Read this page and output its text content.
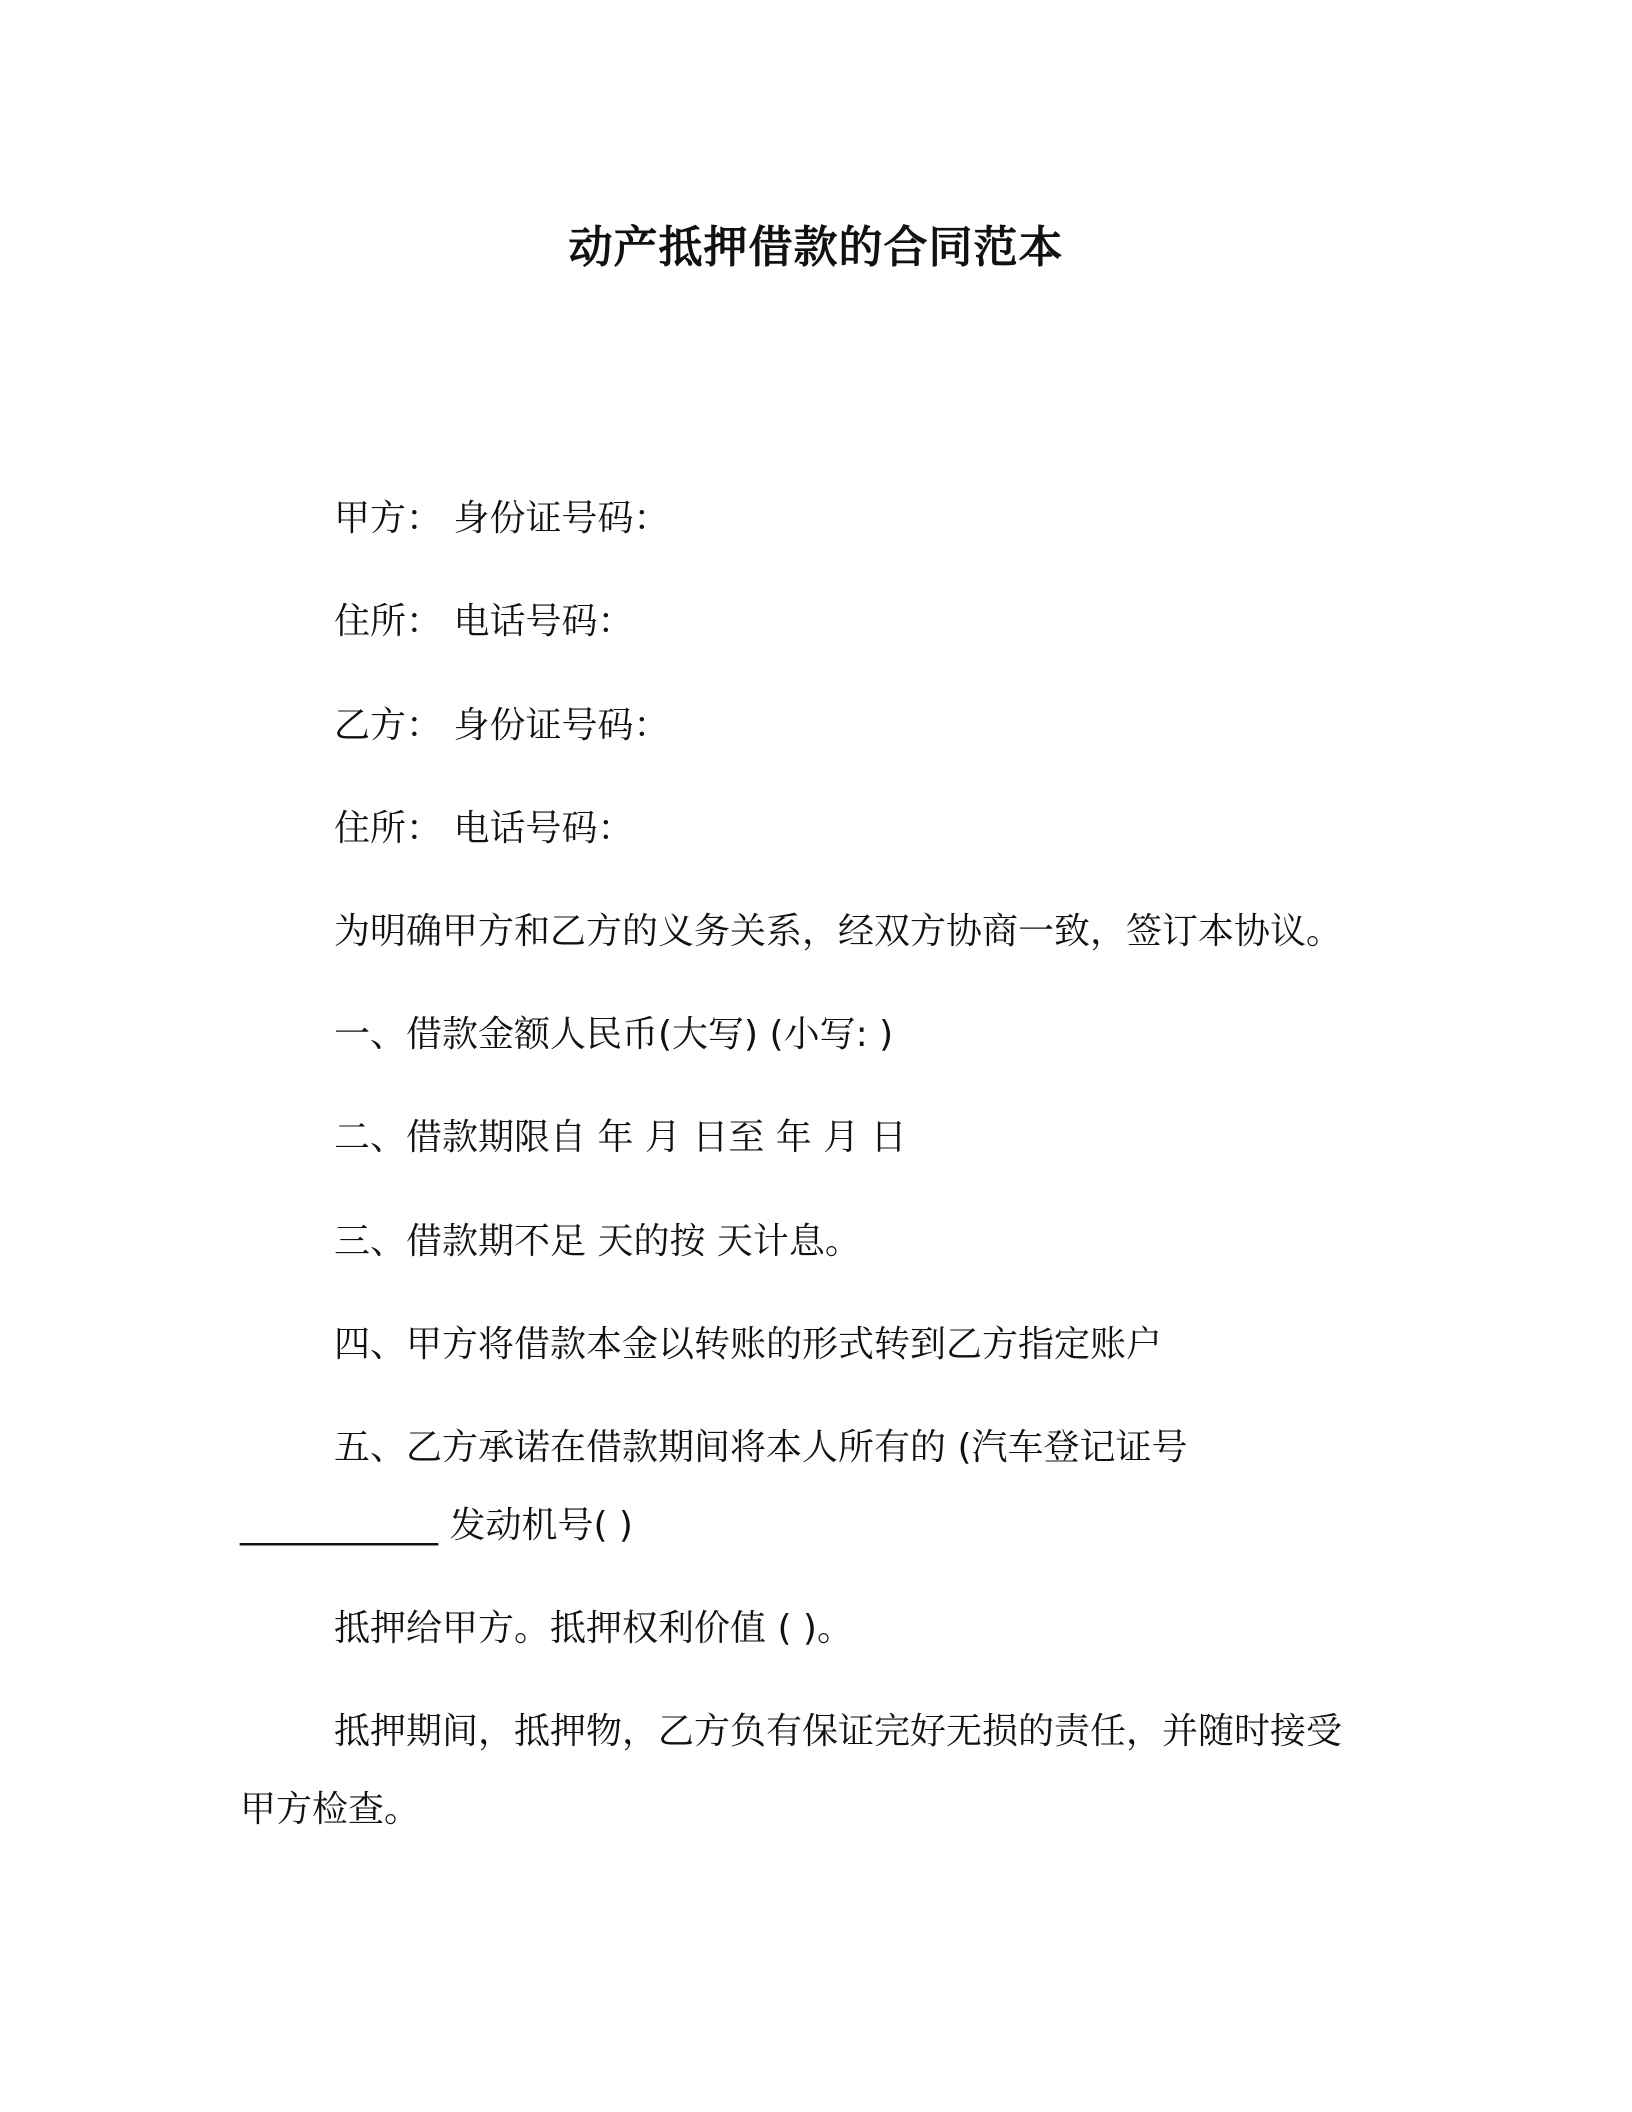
动产抵押借款的合同范本
甲方： 身份证号码：
住所： 电话号码：
乙方： 身份证号码：
住所： 电话号码：
为明确甲方和乙方的义务关系，经双方协商一致，签订本协议。
一、借款金额人民币(大写) (小写: )
二、借款期限自 年 月 日至 年 月 日
三、借款期不足 天的按 天计息。
四、甲方将借款本金以转账的形式转到乙方指定账户
五、乙方承诺在借款期间将本人所有的 (汽车登记证号
___________ 发动机号( )
抵押给甲方。抵押权利价值 ( )。
抵押期间，抵押物，乙方负有保证完好无损的责任，并随时接受
甲方检查。
